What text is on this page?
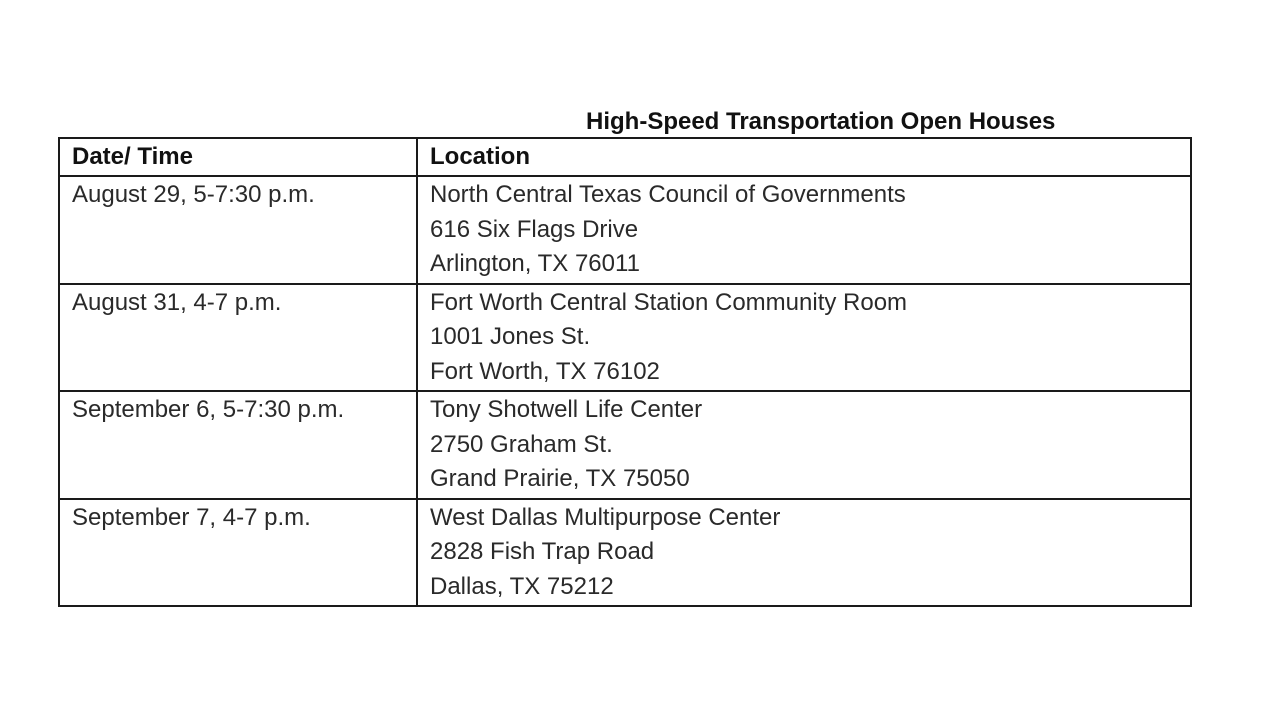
High-Speed Transportation Open Houses
Date/ Time	Location

August 29, 5-7:30 p.m.	North Central Texas Council of Governments
616 Six Flags Drive
Arlington, TX 76011

August 31, 4-7 p.m.	Fort Worth Central Station Community Room
1001 Jones St.
Fort Worth, TX 76102

September 6, 5-7:30 p.m.	Tony Shotwell Life Center
2750 Graham St.
Grand Prairie, TX 75050

September 7, 4-7 p.m.	West Dallas Multipurpose Center
2828 Fish Trap Road
Dallas, TX 75212
